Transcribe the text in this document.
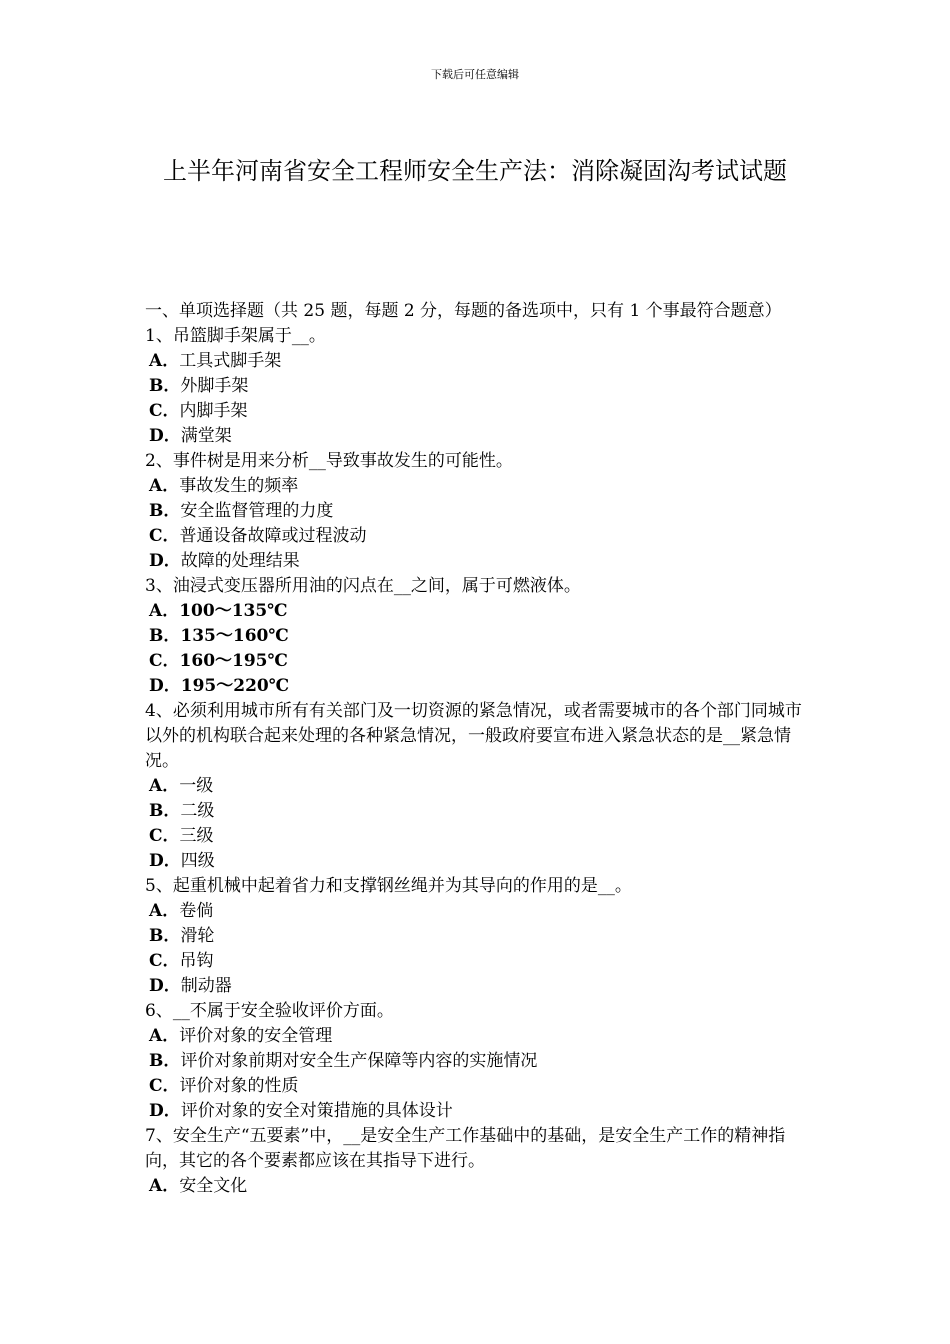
下载后可任意编辑
上半年河南省安全工程师安全生产法：消除凝固沟考试试题
一、单项选择题（共 25 题，每题 2 分，每题的备选项中，只有 1 个事最符合题意）
1、吊篮脚手架属于__。
A．工具式脚手架
B．外脚手架
C．内脚手架
D．满堂架
2、事件树是用来分析__导致事故发生的可能性。
A．事故发生的频率
B．安全监督管理的力度
C．普通设备故障或过程波动
D．故障的处理结果
3、油浸式变压器所用油的闪点在__之间，属于可燃液体。
A．100～135℃
B．135～160℃
C．160～195℃
D．195～220℃
4、必须利用城市所有有关部门及一切资源的紧急情况，或者需要城市的各个部门同城市以外的机构联合起来处理的各种紧急情况，一般政府要宣布进入紧急状态的是__紧急情况。
A．一级
B．二级
C．三级
D．四级
5、起重机械中起着省力和支撑钢丝绳并为其导向的作用的是__。
A．卷倘
B．滑轮
C．吊钩
D．制动器
6、__不属于安全验收评价方面。
A．评价对象的安全管理
B．评价对象前期对安全生产保障等内容的实施情况
C．评价对象的性质
D．评价对象的安全对策措施的具体设计
7、安全生产“五要素”中，__是安全生产工作基础中的基础，是安全生产工作的精神指向，其它的各个要素都应该在其指导下进行。
A．安全文化
